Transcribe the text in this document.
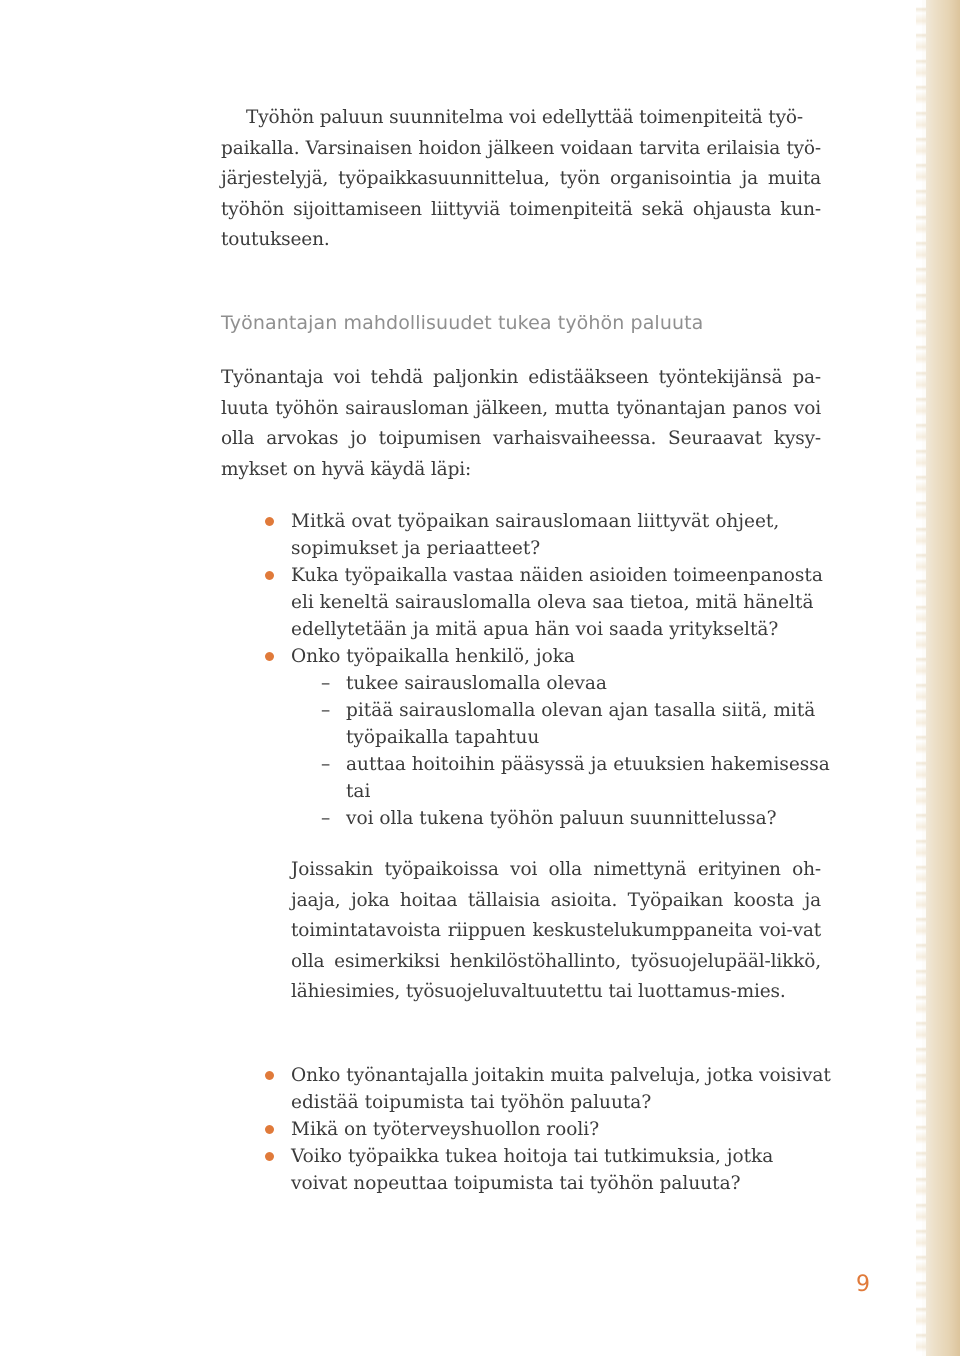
Työhön paluun suunnitelma voi edellyttää toimenpiteitä työ-
paikalla. Varsinaisen hoidon jälkeen voidaan tarvita erilaisia työ-järjestelyjä, työpaikkasuunnittelua, työn organisointia ja muita työhön sijoittamiseen liittyviä toimenpiteitä sekä ohjausta kun-toutukseen.
Työnantajan mahdollisuudet tukea työhön paluuta
Työnantaja voi tehdä paljonkin edistääkseen työntekijänsä pa-luuta työhön sairausloman jälkeen, mutta työnantajan panos voi olla arvokas jo toipumisen varhaisvaiheessa. Seuraavat kysy-mykset on hyvä käydä läpi:
Mitkä ovat työpaikan sairauslomaan liittyvät ohjeet, sopimukset ja periaatteet?
Kuka työpaikalla vastaa näiden asioiden toimeenpanosta eli keneltä sairauslomalla oleva saa tietoa, mitä häneltä edellytetään ja mitä apua hän voi saada yritykseltä?
Onko työpaikalla henkilö, joka
– tukee sairauslomalla olevaa
– pitää sairauslomalla olevan ajan tasalla siitä, mitä työpaikalla tapahtuu
– auttaa hoitoihin pääsyssä ja etuuksien hakemisessa tai
– voi olla tukena työhön paluun suunnittelussa?
Joissakin työpaikoissa voi olla nimettynä erityinen oh-jaaja, joka hoitaa tällaisia asioita. Työpaikan koosta ja toimintatavoista riippuen keskustelukumppaneita voi-vat olla esimerkiksi henkilöstöhallinto, työsuojelupääl-likkö, lähiesimies, työsuojeluvaltuutettu tai luottamus-mies.
Onko työnantajalla joitakin muita palveluja, jotka voisivat edistää toipumista tai työhön paluuta?
Mikä on työterveyshuollon rooli?
Voiko työpaikka tukea hoitoja tai tutkimuksia, jotka voivat nopeuttaa toipumista tai työhön paluuta?
9
